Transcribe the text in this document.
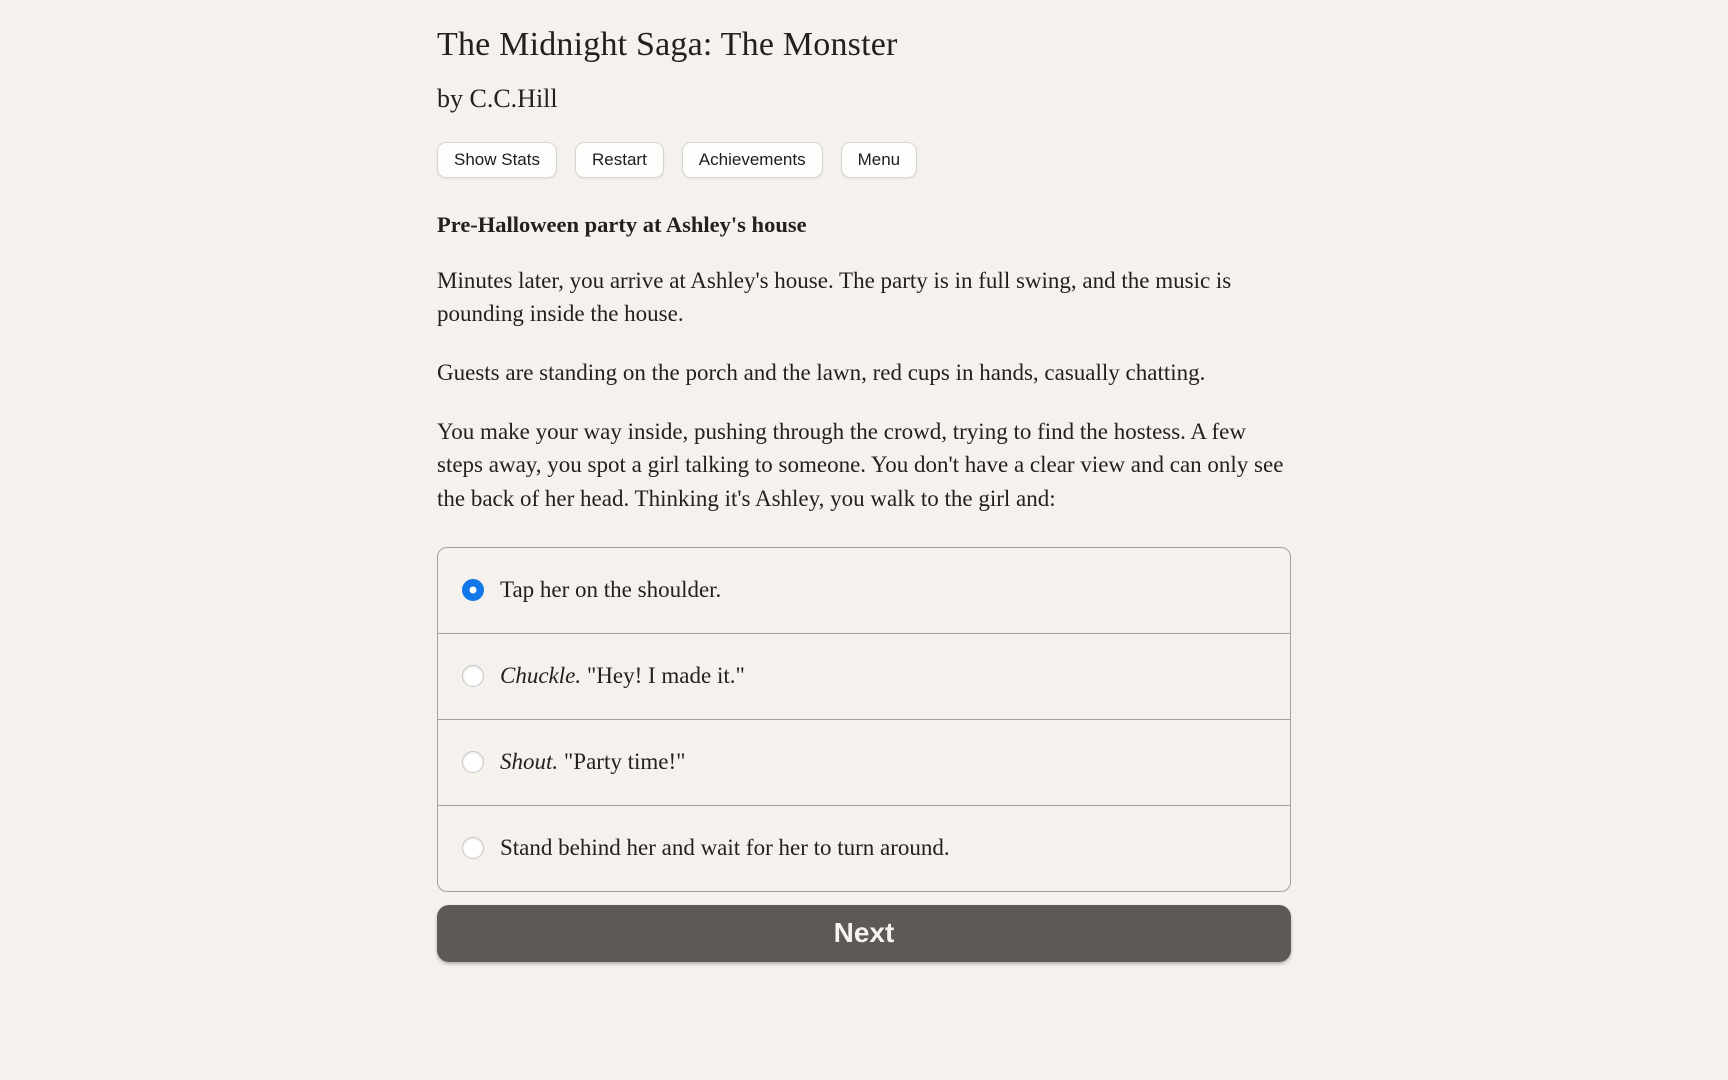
The Midnight Saga: The Monster
by C.C.Hill
Show Stats	Restart	Achievements	Menu
Pre-Halloween party at Ashley's house

Minutes later, you arrive at Ashley's house. The party is in full swing, and the music is pounding inside the house.

Guests are standing on the porch and the lawn, red cups in hands, casually chatting.

You make your way inside, pushing through the crowd, trying to find the hostess. A few steps away, you spot a girl talking to someone. You don't have a clear view and can only see the back of her head. Thinking it's Ashley, you walk to the girl and:

Tap her on the shoulder.
Chuckle. "Hey! I made it."
Shout. "Party time!"
Stand behind her and wait for her to turn around.
Next
